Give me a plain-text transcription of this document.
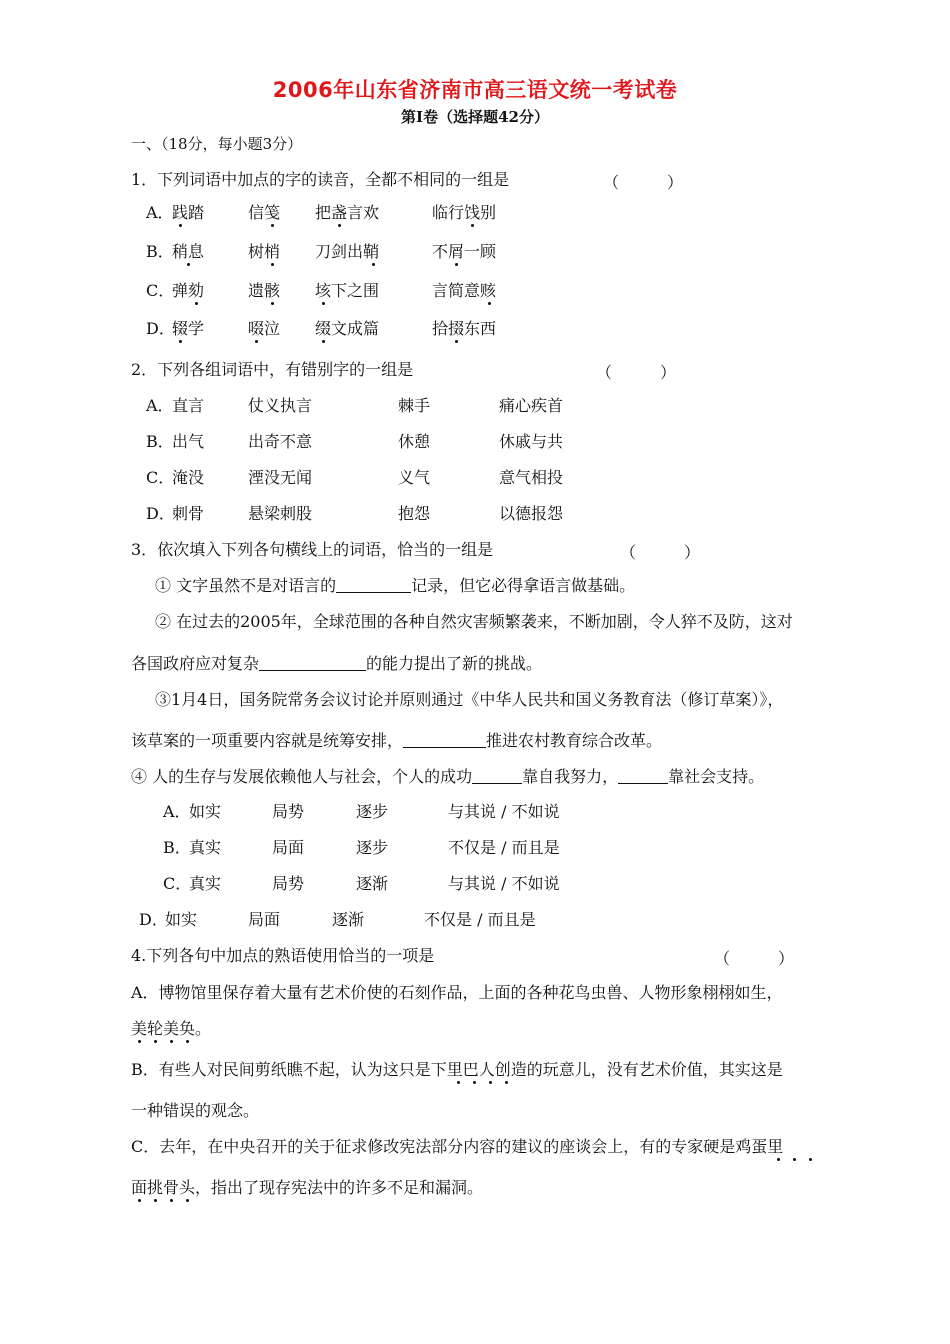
2006年山东省济南市高三语文统一考试卷
第Ⅰ卷（选择题42分）
一、（18分，每小题3分）
1．下列词语中加点的字的读音，全都不相同的一组是	（　　　）
A．
践踏	信笺 把盏言欢	临行饯别
B．
稍息	树梢 刀剑出鞘	不屑一顾
C．
弹劾	遗骸 垓下之围	言简意赅
D．
辍学	啜泣 缀文成篇	拾掇东西
2．下列各组词语中，有错别字的一组是	（　　　）
A．
直言	仗义执言	棘手	痛心疾首
B．
出气	出奇不意	休憩	休戚与共
C．
淹没	湮没无闻	义气	意气相投
D．
刺骨	悬梁刺股	抱怨	以德报怨
3．依次填入下列各句横线上的词语，恰当的一组是	（　　　）
① 文字虽然不是对语言的	记录，但它必得拿语言做基础。
② 在过去的2005年，全球范围的各种自然灾害频繁袭来，不断加剧，令人猝不及防，这对
各国政府应对复杂	的能力提出了新的挑战。
③1月4日，国务院常务会议讨论并原则通过《中华人民共和国义务教育法（修订草案）》，
该草案的一项重要内容就是统筹安排，	推进农村教育综合改革。
④ 人的生存与发展依赖他人与社会，个人的成功	靠自我努力，	靠社会支持。
A．
如实	局势	逐步	与其说 / 不如说
B．
真实	局面	逐步	不仅是 / 而且是
C．
真实	局势	逐渐	与其说 / 不如说
D．
如实	局面	逐渐	不仅是 / 而且是
4.下列各句中加点的熟语使用恰当的一项是	（　　　）
A．博物馆里保存着大量有艺术价使的石刻作品，上面的各种花鸟虫兽、人物形象栩栩如生，
美轮美奂。
B．有些人对民间剪纸瞧不起，认为这只是下里巴人创造的玩意儿，没有艺术价值，其实这是
一种错误的观念。
C．去年，在中央召开的关于征求修改宪法部分内容的建议的座谈会上，有的专家硬是鸡蛋里
面挑骨头，指出了现存宪法中的许多不足和漏洞。
